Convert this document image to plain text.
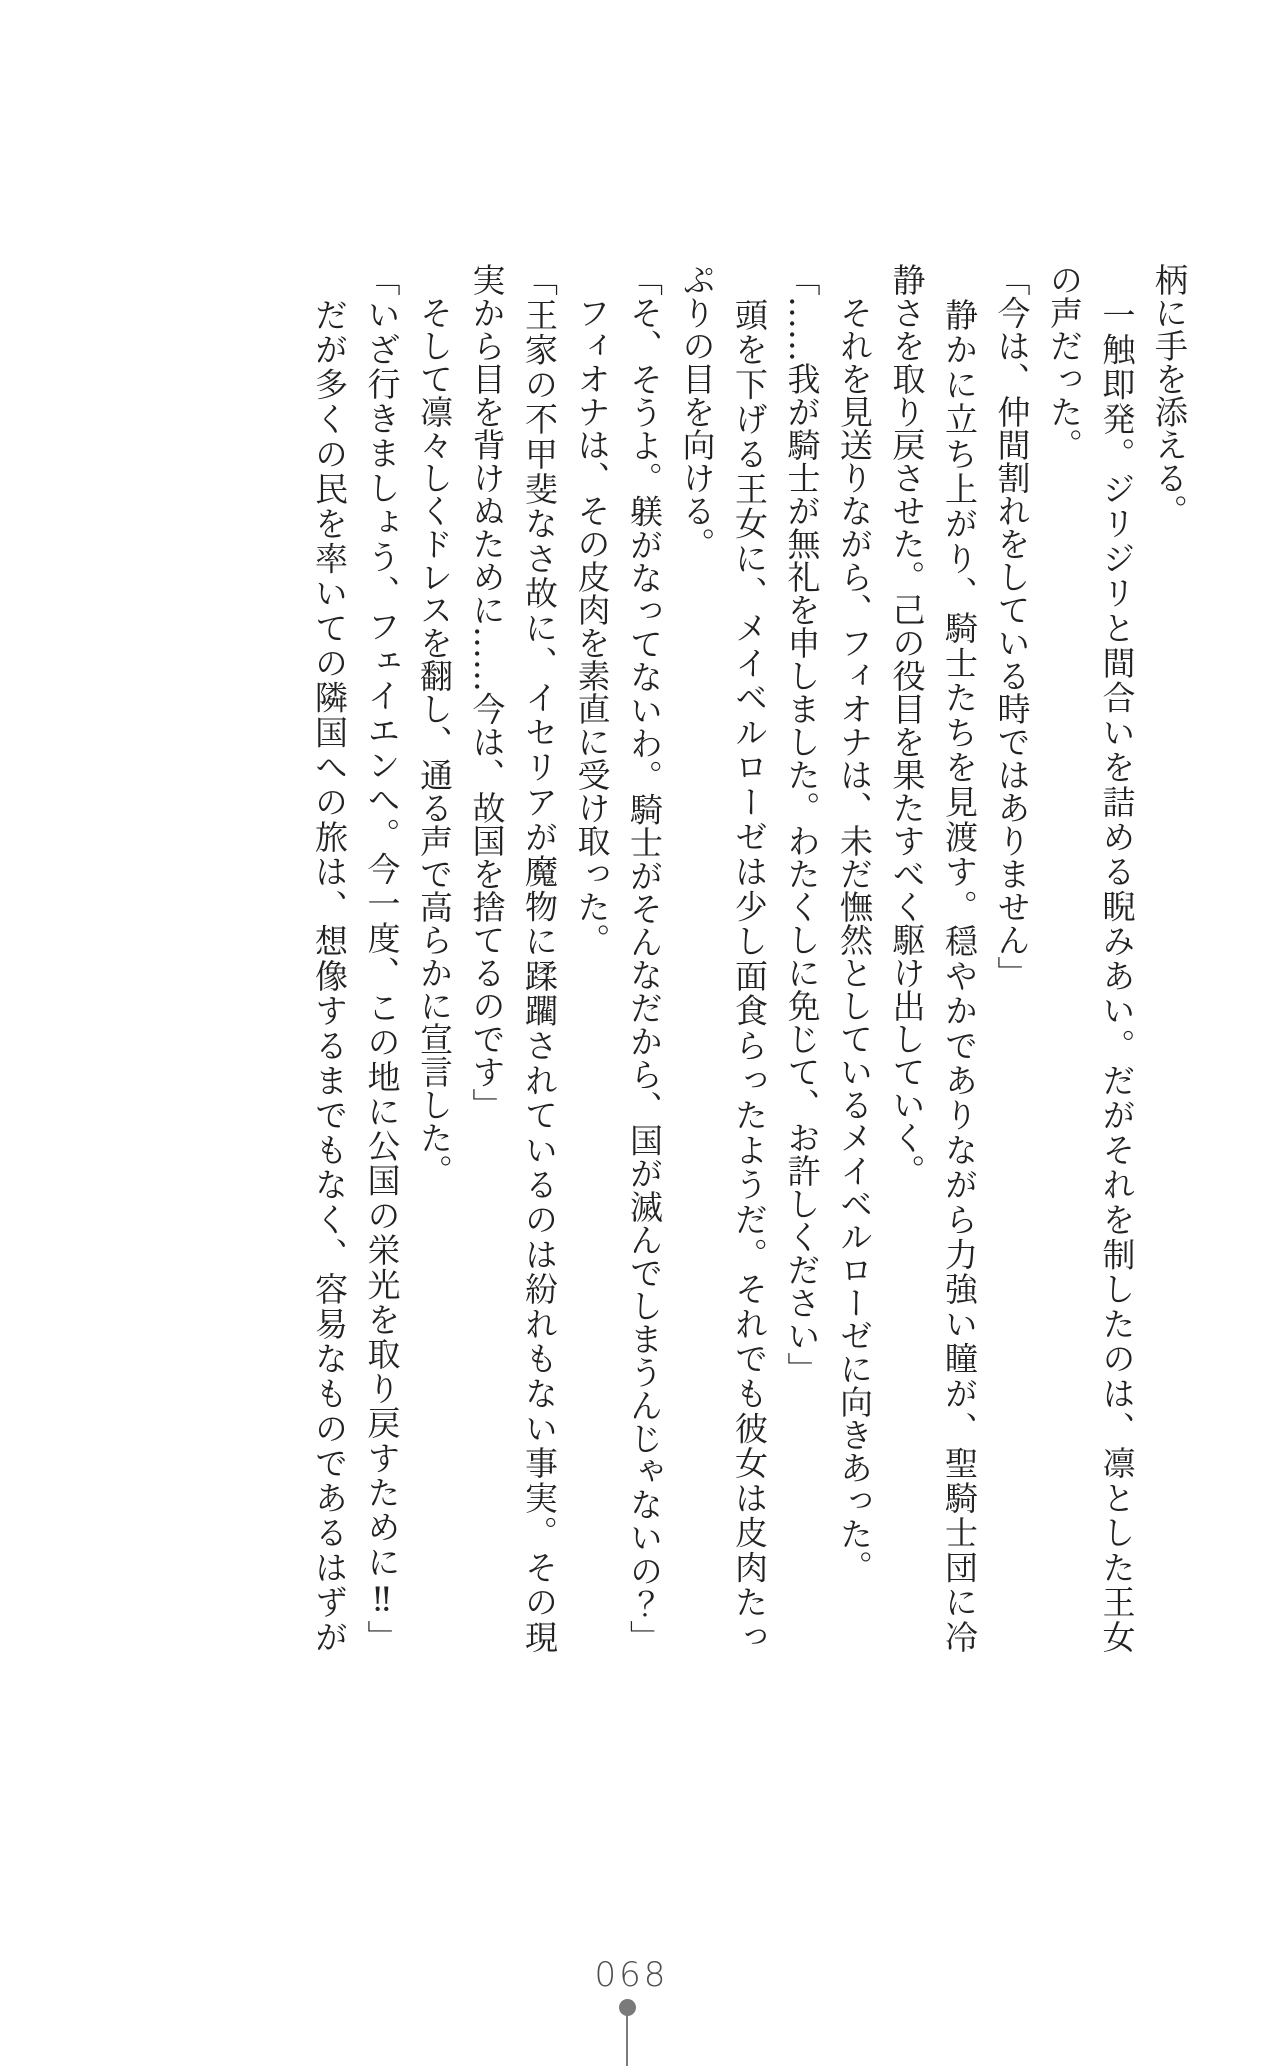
柄に手を添える。

　一触即発。ジリジリと間合いを詰める睨みあい。だがそれを制したのは、凛とした王女

の声だった。

「今は、仲間割れをしている時ではありません」

　静かに立ち上がり、騎士たちを見渡す。穏やかでありながら力強い瞳が、聖騎士団に冷

静さを取り戻させた。己の役目を果たすべく駆け出していく。

　それを見送りながら、フィオナは、未だ憮然としているメイベルローゼに向きあった。

「……我が騎士が無礼を申しました。わたくしに免じて、お許しください」

　頭を下げる王女に、メイベルローゼは少し面食らったようだ。それでも彼女は皮肉たっ

ぷりの目を向ける。

「そ、そうよ。躾がなってないわ。騎士がそんなだから、国が滅んでしまうんじゃないの？」

　フィオナは、その皮肉を素直に受け取った。

「王家の不甲斐なさ故に、イセリアが魔物に蹂躙されているのは紛れもない事実。その現

実から目を背けぬために……今は、故国を捨てるのです」

　そして凛々しくドレスを翻し、通る声で高らかに宣言した。

「いざ行きましょう、フェイエンへ。今一度、この地に公国の栄光を取り戻すために‼」

　だが多くの民を率いての隣国への旅は、想像するまでもなく、容易なものであるはずが

068
